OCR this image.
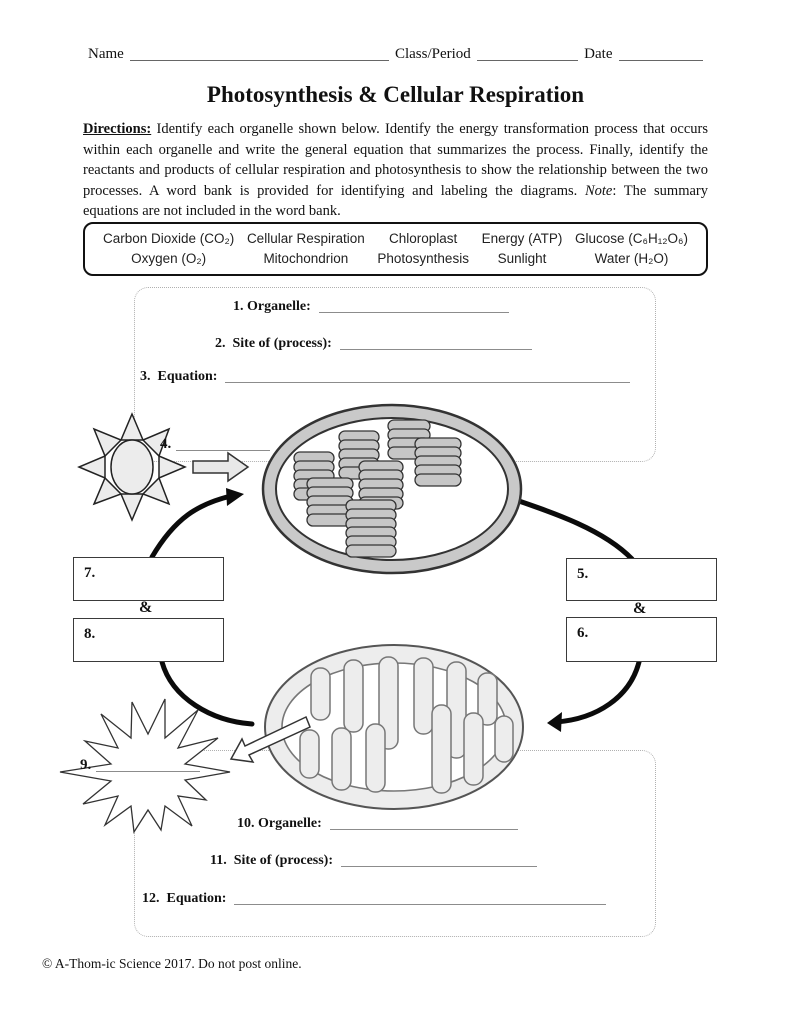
Name	Class/Period	Date
Photosynthesis & Cellular Respiration
Directions: Identify each organelle shown below. Identify the energy transformation process that occurs within each organelle and write the general equation that summarizes the process. Finally, identify the reactants and products of cellular respiration and photosynthesis to show the relationship between the two processes. A word bank is provided for identifying and labeling the diagrams. Note: The summary equations are not included in the word bank.
Carbon Dioxide (CO₂)
Oxygen (O₂)
Cellular Respiration
Mitochondrion
Chloroplast
Photosynthesis
Energy (ATP)
Sunlight
Glucose (C₆H₁₂O₆)
Water (H₂O)
1. Organelle:
2.  Site of (process):
3.  Equation:
4.
5.
&
6.
7.
&
8.
9.
10. Organelle:
11.  Site of (process):
12.  Equation:
© A-Thom-ic Science 2017. Do not post online.
